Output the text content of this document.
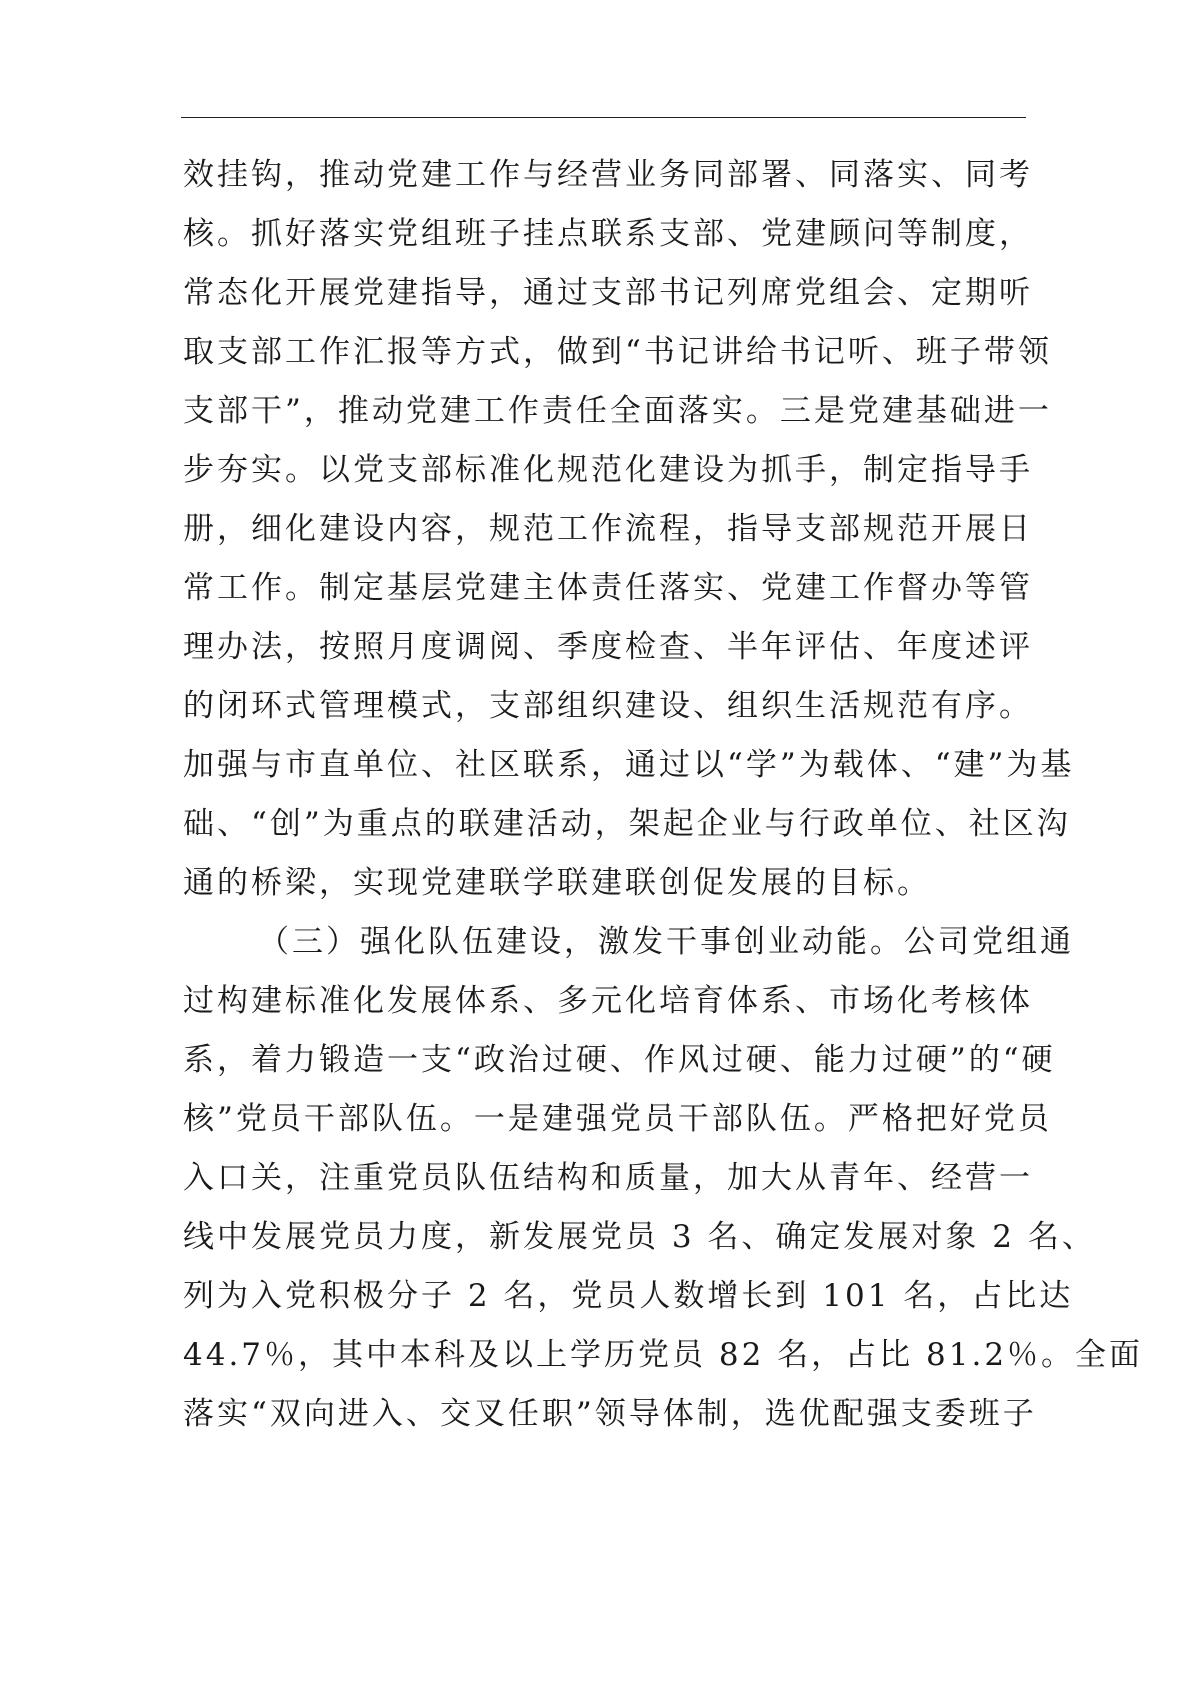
效挂钩，推动党建工作与经营业务同部署、同落实、同考
核。抓好落实党组班子挂点联系支部、党建顾问等制度，
常态化开展党建指导，通过支部书记列席党组会、定期听
取支部工作汇报等方式，做到“书记讲给书记听、班子带领
支部干”，推动党建工作责任全面落实。三是党建基础进一
步夯实。以党支部标准化规范化建设为抓手，制定指导手
册，细化建设内容，规范工作流程，指导支部规范开展日
常工作。制定基层党建主体责任落实、党建工作督办等管
理办法，按照月度调阅、季度检查、半年评估、年度述评
的闭环式管理模式，支部组织建设、组织生活规范有序。
加强与市直单位、社区联系，通过以“学”为载体、“建”为基
础、“创”为重点的联建活动，架起企业与行政单位、社区沟
通的桥梁，实现党建联学联建联创促发展的目标。
（三）强化队伍建设，激发干事创业动能。公司党组通
过构建标准化发展体系、多元化培育体系、市场化考核体
系，着力锻造一支“政治过硬、作风过硬、能力过硬”的“硬
核”党员干部队伍。一是建强党员干部队伍。严格把好党员
入口关，注重党员队伍结构和质量，加大从青年、经营一
线中发展党员力度，新发展党员 3 名、确定发展对象 2 名、
列为入党积极分子 2 名，党员人数增长到 101 名，占比达
44.7％，其中本科及以上学历党员 82 名，占比 81.2％。全面
落实“双向进入、交叉任职”领导体制，选优配强支委班子
